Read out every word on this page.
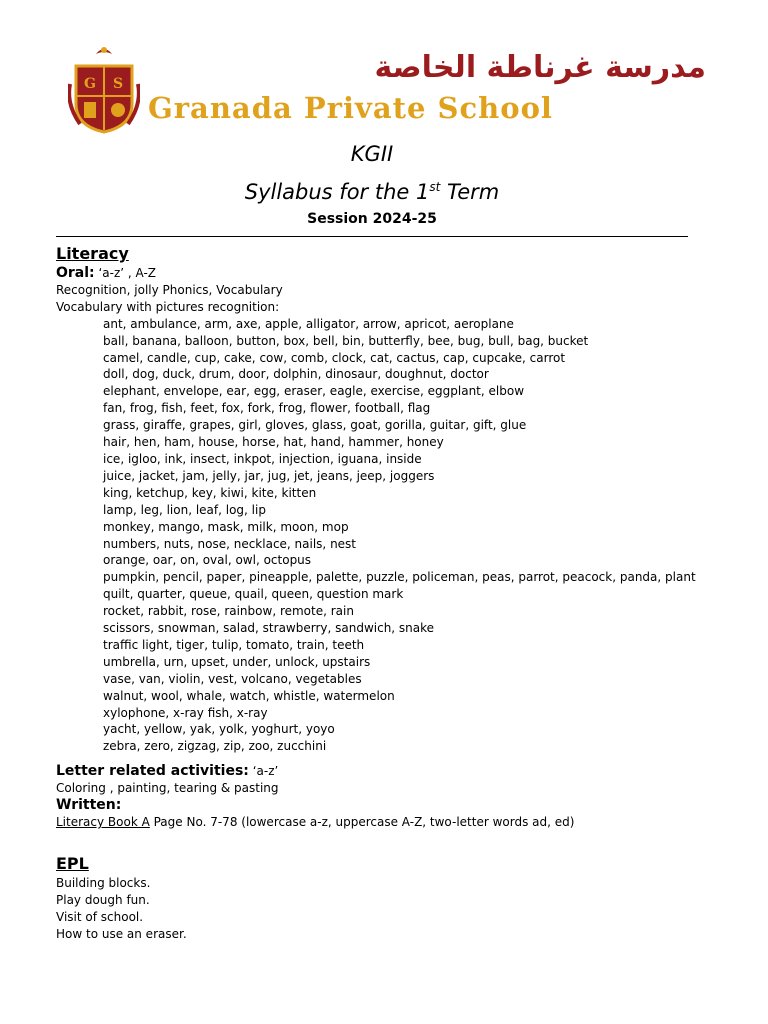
G S	مدرسة غرناطة الخاصة
Granada Private School
KGII
Syllabus for the 1st Term
Session 2024-25
Literacy
Oral: ‘a-z’ , A-Z
Recognition, jolly Phonics, Vocabulary
Vocabulary with pictures recognition:
ant, ambulance, arm, axe, apple, alligator, arrow, apricot, aeroplane
ball, banana, balloon, button, box, bell, bin, butterfly, bee, bug, bull, bag, bucket
camel, candle, cup, cake, cow, comb, clock, cat, cactus, cap, cupcake, carrot
doll, dog, duck, drum, door, dolphin, dinosaur, doughnut, doctor
elephant, envelope, ear, egg, eraser, eagle, exercise, eggplant, elbow
fan, frog, fish, feet, fox, fork, frog, flower, football, flag
grass, giraffe, grapes, girl, gloves, glass, goat, gorilla, guitar, gift, glue
hair, hen, ham, house, horse, hat, hand, hammer, honey
ice, igloo, ink, insect, inkpot, injection, iguana, inside
juice, jacket, jam, jelly, jar, jug, jet, jeans, jeep, joggers
king, ketchup, key, kiwi, kite, kitten
lamp, leg, lion, leaf, log, lip
monkey, mango, mask, milk, moon, mop
numbers, nuts, nose, necklace, nails, nest
orange, oar, on, oval, owl, octopus
pumpkin, pencil, paper, pineapple, palette, puzzle, policeman, peas, parrot, peacock, panda, plant
quilt, quarter, queue, quail, queen, question mark
rocket, rabbit, rose, rainbow, remote, rain
scissors, snowman, salad, strawberry, sandwich, snake
traffic light, tiger, tulip, tomato, train, teeth
umbrella, urn, upset, under, unlock, upstairs
vase, van, violin, vest, volcano, vegetables
walnut, wool, whale, watch, whistle, watermelon
xylophone, x-ray fish, x-ray
yacht, yellow, yak, yolk, yoghurt, yoyo
zebra, zero, zigzag, zip, zoo, zucchini
Letter related activities: ‘a-z’
Coloring , painting, tearing & pasting
Written:
Literacy Book A Page No. 7-78 (lowercase a-z, uppercase A-Z, two-letter words ad, ed)
EPL
Building blocks.
Play dough fun.
Visit of school.
How to use an eraser.
